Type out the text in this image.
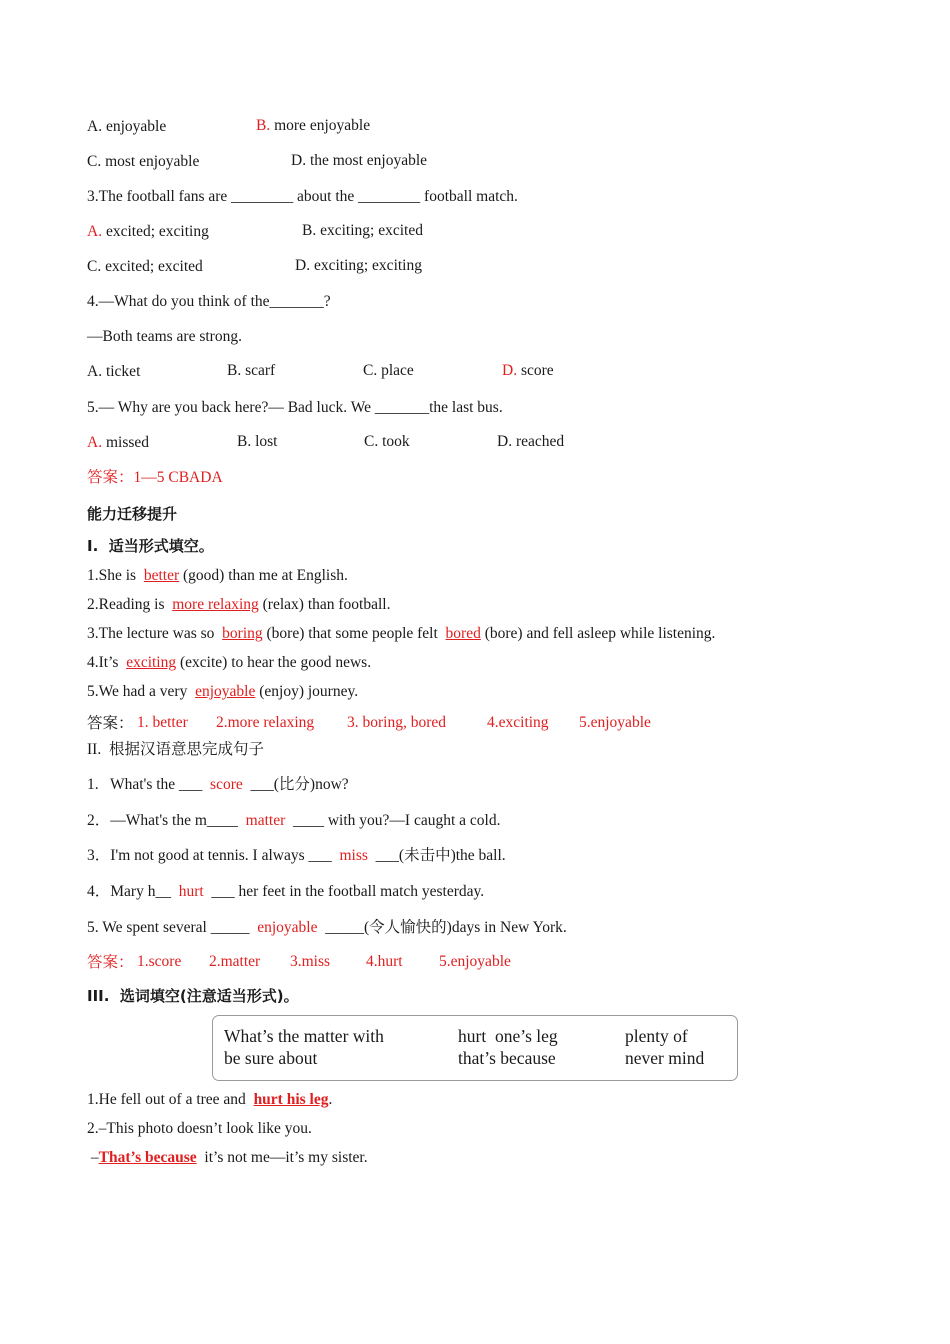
A. enjoyable	B. more enjoyable
C. most enjoyable	D. the most enjoyable
3.The football fans are ________ about the ________ football match.
A. excited; exciting	B. exciting; excited
C. excited; excited	D. exciting; exciting
4.—What do you think of the_______?
—Both teams are strong.
A. ticket	B. scarf	C. place	D. score
5.— Why are you back here?— Bad luck. We _______the last bus.
A. missed	B. lost	C. took	D. reached
答案：1—5 CBADA
能力迁移提升
I.  适当形式填空。
1.She is  better (good) than me at English.
2.Reading is  more relaxing (relax) than football.
3.The lecture was so  boring (bore) that some people felt  bored (bore) and fell asleep while listening.
4.It’s  exciting (excite) to hear the good news.
5.We had a very  enjoyable (enjoy) journey.
答案： 1. better 2.more relaxing 3. boring, bored	4.exciting 5.enjoyable
II.  根据汉语意思完成句子
1.   What's the ___  score  ___(比分)now?
2．—What's the m____  matter  ____ with you?—I caught a cold.
3．I'm not good at tennis. I always ___  miss  ___(未击中)the ball.
4．Mary h__  hurt  ___ her feet in the football match yesterday.
5. We spent several _____  enjoyable  _____(令人愉快的)days in New York.
答案： 1.score 2.matter 3.miss 4.hurt 5.enjoyable
III.  选词填空(注意适当形式)。
What’s the matter with	hurt  one’s leg	plenty of
be sure about	that’s because	never mind
1.He fell out of a tree and  hurt his leg.
2.–This photo doesn’t look like you.
–That’s because  it’s not me—it’s my sister.
